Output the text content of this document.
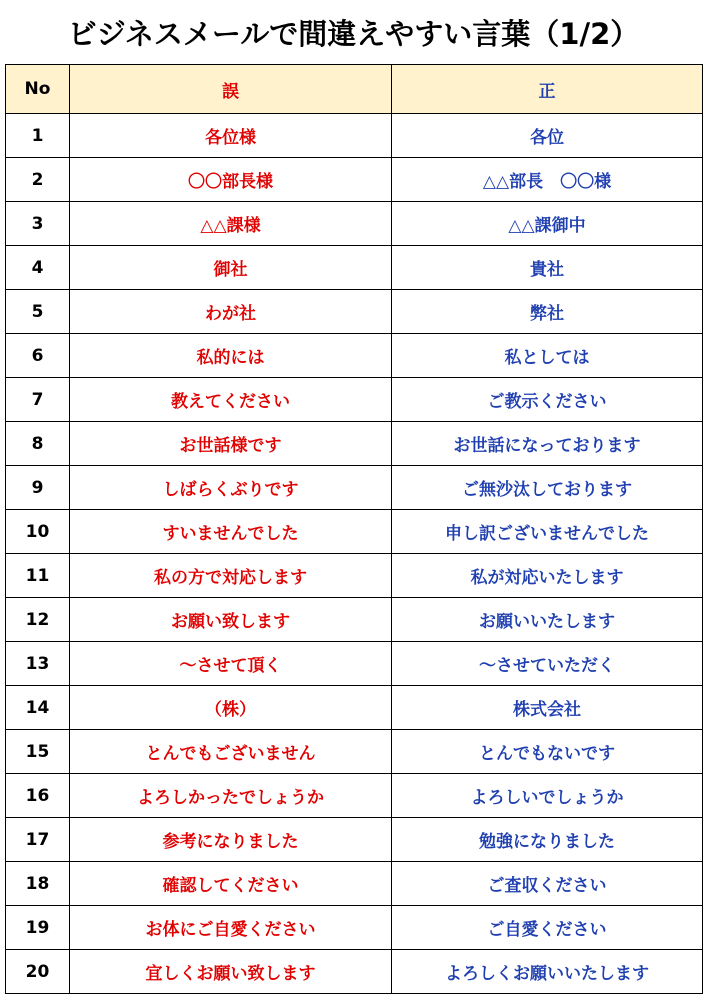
ビジネスメールで間違えやすい言葉（1/2）
No	誤	正
1	各位様	各位
2	〇〇部長様	△△部長　〇〇様
3	△△課様	△△課御中
4	御社	貴社
5	わが社	弊社
6	私的には	私としては
7	教えてください	ご教示ください
8	お世話様です	お世話になっております
9	しばらくぶりです	ご無沙汰しております
10	すいませんでした	申し訳ございませんでした
11	私の方で対応します	私が対応いたします
12	お願い致します	お願いいたします
13	～させて頂く	～させていただく
14	（株）	株式会社
15	とんでもございません	とんでもないです
16	よろしかったでしょうか	よろしいでしょうか
17	参考になりました	勉強になりました
18	確認してください	ご査収ください
19	お体にご自愛ください	ご自愛ください
20	宜しくお願い致します	よろしくお願いいたします
